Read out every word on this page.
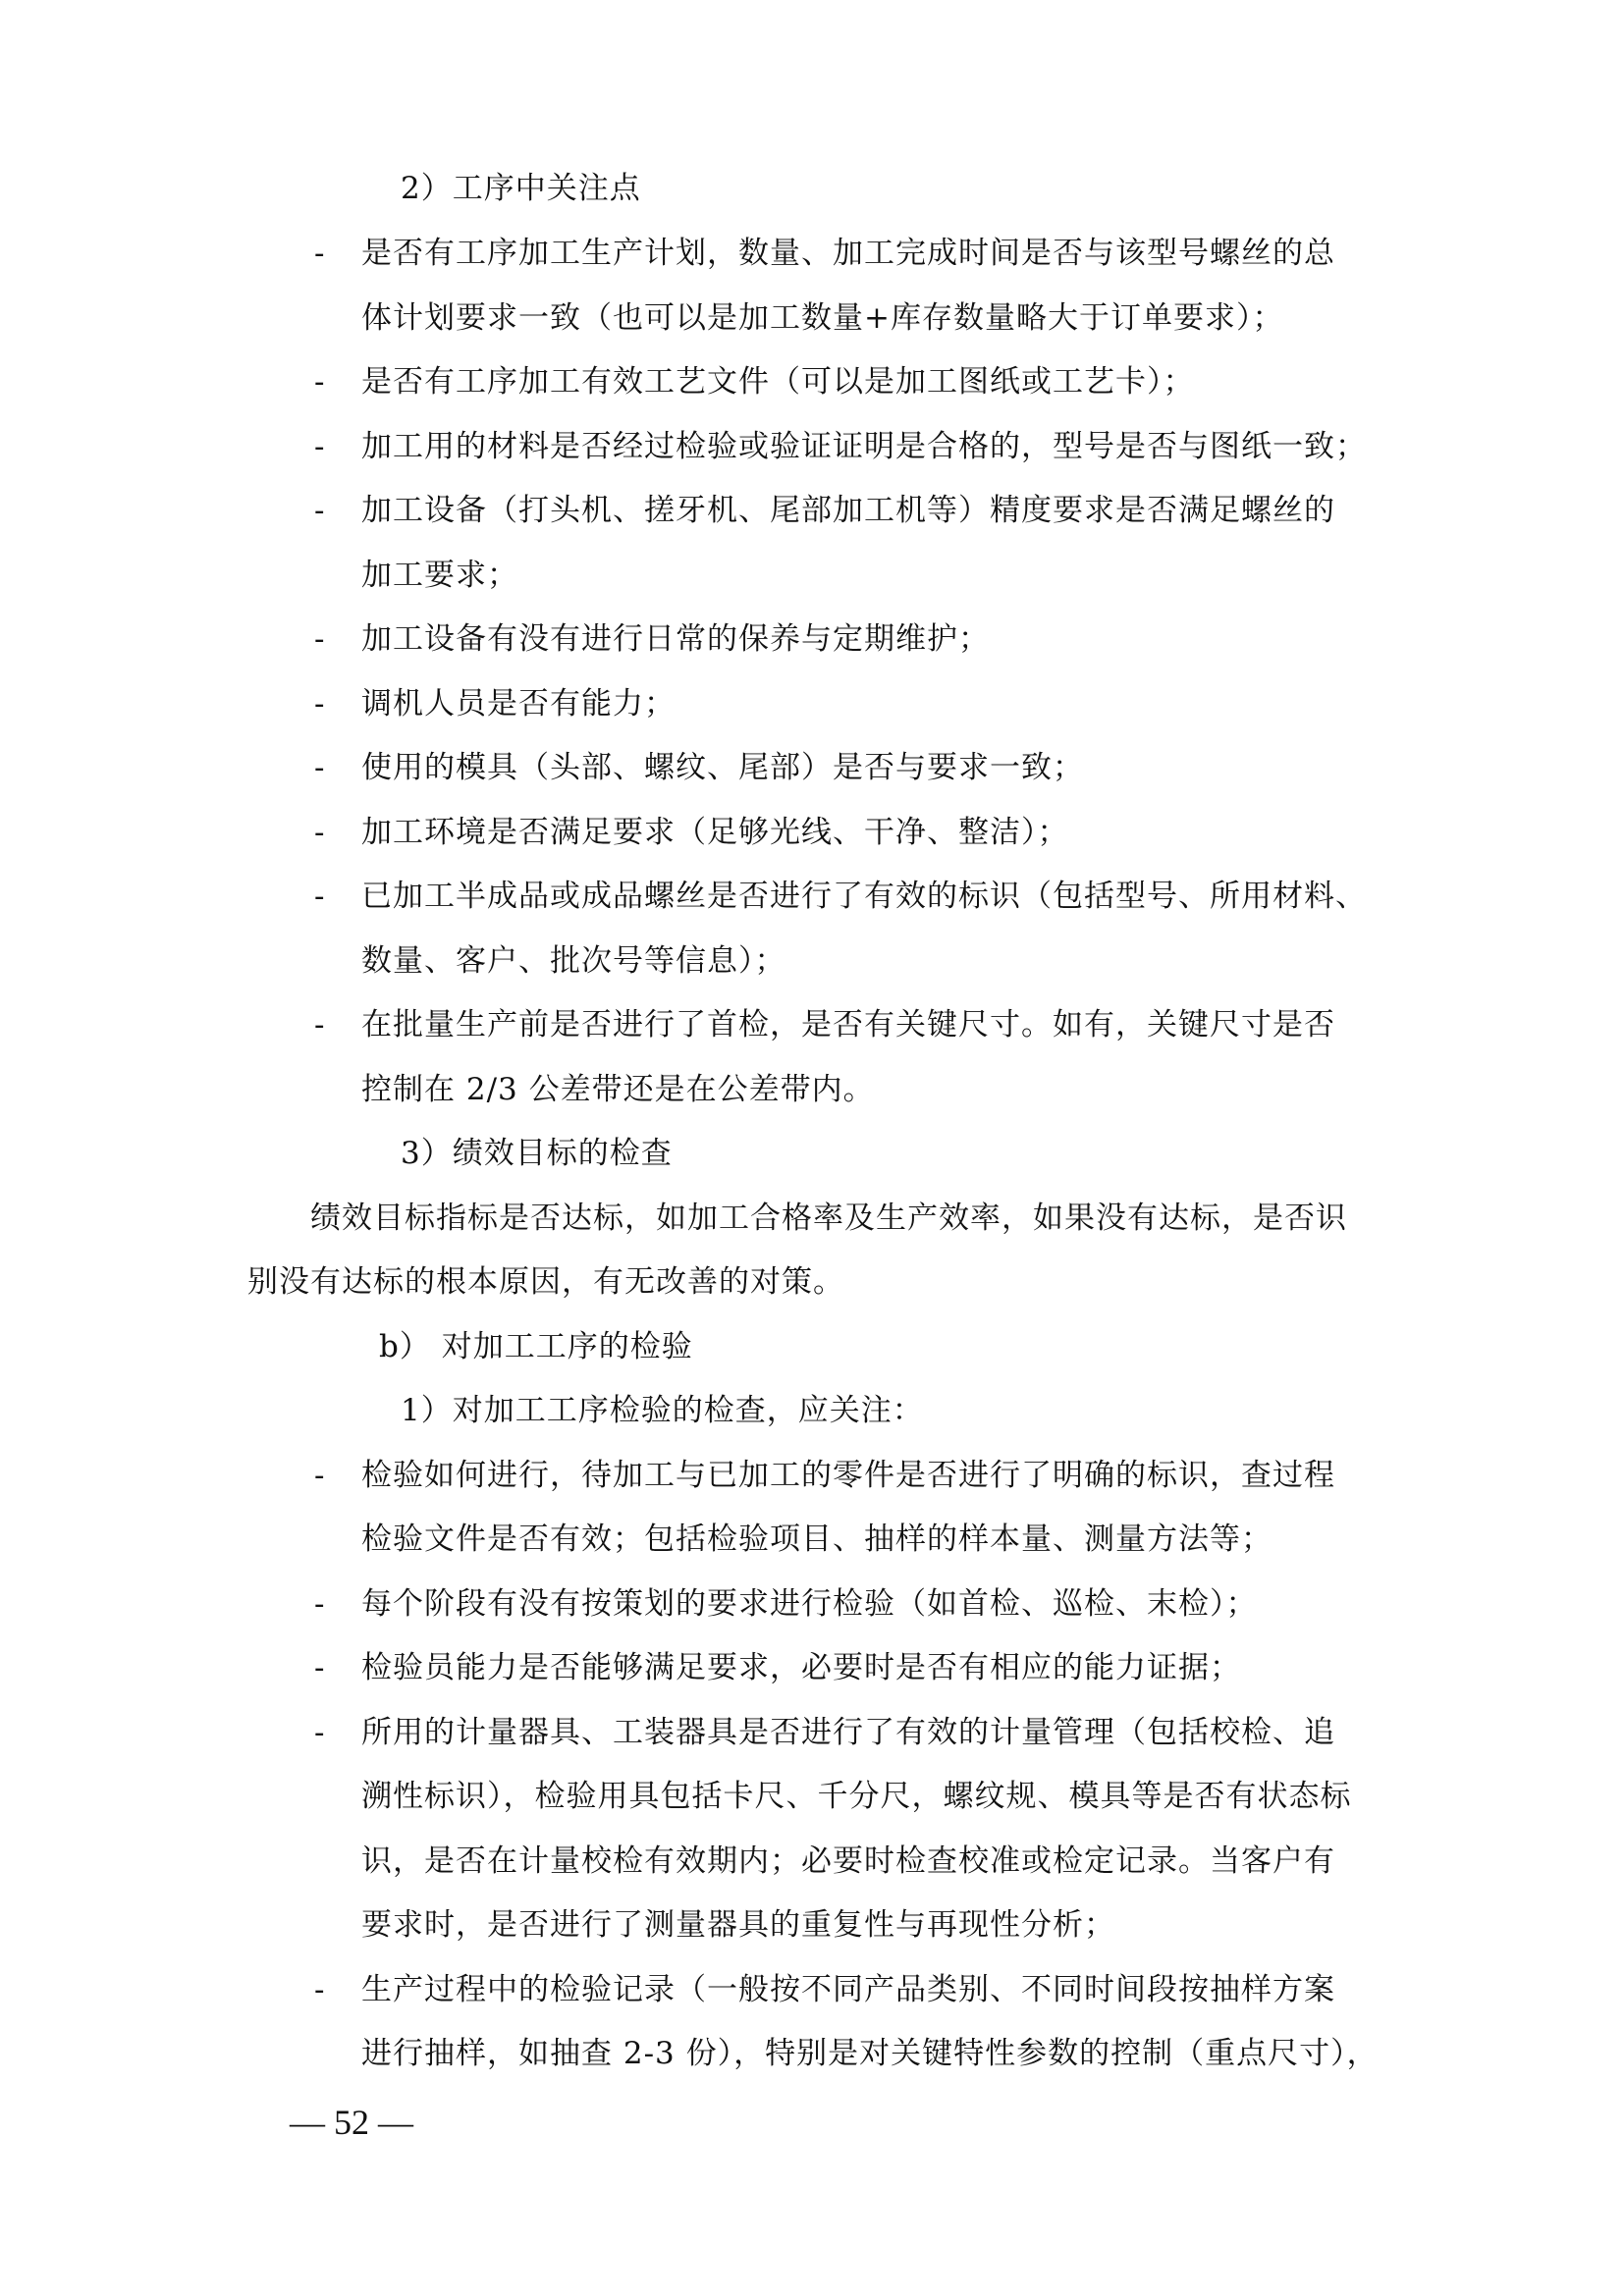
2）工序中关注点
-	是否有工序加工生产计划，数量、加工完成时间是否与该型号螺丝的总
体计划要求一致（也可以是加工数量+库存数量略大于订单要求）；
-	是否有工序加工有效工艺文件（可以是加工图纸或工艺卡）；
-	加工用的材料是否经过检验或验证证明是合格的，型号是否与图纸一致；
-	加工设备（打头机、搓牙机、尾部加工机等）精度要求是否满足螺丝的
加工要求；
-	加工设备有没有进行日常的保养与定期维护；
-	调机人员是否有能力；
-	使用的模具（头部、螺纹、尾部）是否与要求一致；
-	加工环境是否满足要求（足够光线、干净、整洁）；
-	已加工半成品或成品螺丝是否进行了有效的标识（包括型号、所用材料、
数量、客户、批次号等信息）；
-	在批量生产前是否进行了首检，是否有关键尺寸。如有，关键尺寸是否
控制在 2/3 公差带还是在公差带内。
3）绩效目标的检查
绩效目标指标是否达标，如加工合格率及生产效率，如果没有达标，是否识
别没有达标的根本原因，有无改善的对策。
b） 对加工工序的检验
1）对加工工序检验的检查，应关注：
-	检验如何进行，待加工与已加工的零件是否进行了明确的标识，查过程
检验文件是否有效；包括检验项目、抽样的样本量、测量方法等；
-	每个阶段有没有按策划的要求进行检验（如首检、巡检、末检）；
-	检验员能力是否能够满足要求，必要时是否有相应的能力证据；
-	所用的计量器具、工装器具是否进行了有效的计量管理（包括校检、追
溯性标识），检验用具包括卡尺、千分尺，螺纹规、模具等是否有状态标
识，是否在计量校检有效期内；必要时检查校准或检定记录。当客户有
要求时，是否进行了测量器具的重复性与再现性分析；
-	生产过程中的检验记录（一般按不同产品类别、不同时间段按抽样方案
进行抽样，如抽查 2-3 份），特别是对关键特性参数的控制（重点尺寸），
— 52 —
